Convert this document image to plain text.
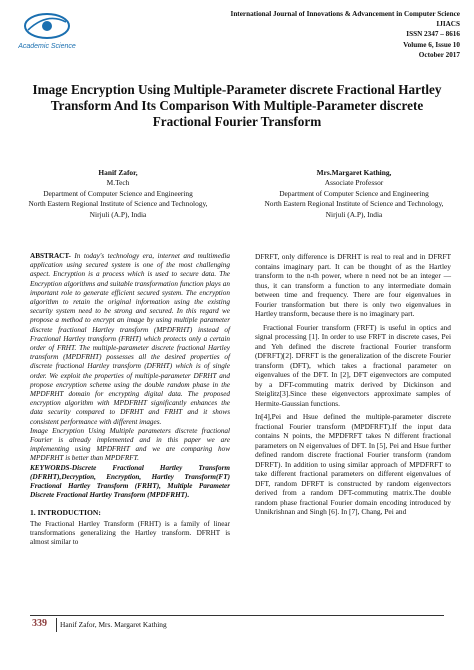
Academic Science
International Journal of Innovations & Advancement in Computer Science
IJIACS
ISSN 2347 – 8616
Volume 6, Issue 10
October 2017
Image Encryption Using Multiple-Parameter discrete Fractional Hartley Transform And Its Comparison With Multiple-Parameter discrete Fractional Fourier Transform
Hanif Zafor,
M.Tech
Department of Computer Science and Engineering
North Eastern Regional Institute of Science and Technology, Nirjuli (A.P), India
Mrs.Margaret Kathing,
Associate Professor
Department of Computer Science and Engineering
North Eastern Regional Institute of Science and Technology, Nirjuli (A.P), India

ABSTRACT- In today's technology era, internet and multimedia application using secured system is one of the most challenging aspect. Encryption is a process which is used to secure data. The Encryption algorithms and suitable transformation function plays an important role to generate efficient secured system. The encryption algorithm to retain the original information using the existing security system need to be strong and secured. In this regard we propose a method to encrypt an image by using multiple parameter discrete fractional Hartley transform (MPDFRHT) instead of Fractional Hartley transform (FRHT) which protects only a certain order of FRHT. The multiple-parameter discrete fractional Hartley transform (MPDFRHT) possesses all the desired properties of discrete fractional Hartley transform (DFRHT) which is of single order. We exploit the properties of multiple-parameter DFRHT and propose encryption scheme using the double random phase in the MPDFRHT domain for encrypting digital data. The proposed encryption algorithm with MPDFRHT significantly enhances the data security compared to DFRHT and FRHT and it shows consistent performance with different images.

Image Encryption Using Multiple parameters discrete fractional Fourier is already implemented and in this paper we are implementing using MPDFRHT and we are comparing how MPDFRHT is better than MPDFRFT.

KEYWORDS-Discrete Fractional Hartley Transform (DFRHT),Decryption, Encryption, Hartley Transform(FT) Fractional Hartley Transform (FRHT), Multiple Parameter Discrete Fractional Hartley Transform (MPDFRHT).

1. INTRODUCTION:

The Fractional Hartley Transform (FRHT) is a family of linear transformations generalizing the Hartley transform. DFRHT is almost similar to

DFRFT, only difference is DFRHT is real to real and in DFRFT contains imaginary part. It can be thought of as the Hartley transform to the n-th power, where n need not be an integer — thus, it can transform a function to any intermediate domain between time and frequency. There are four eigenvalues in Fourier transformation but there is only two eigenvalues in Hartley transform, because there is no imaginary part.

Fractional Fourier transform (FRFT) is useful in optics and signal processing [1]. In order to use FRFT in discrete cases, Pei and Yeh defined the discrete fractional Fourier transform (DFRFT)[2]. DFRFT is the generalization of the discrete Fourier transform (DFT), which takes a fractional parameter on eigenvalues of the DFT. In [2], DFT eigenvectors are computed by a DFT-commuting matrix derived by Dickinson and Steiglitz[3].Since these eigenvectors approximate samples of Hermite-Gaussian functions.

In[4],Pei and Hsue defined the multiple-parameter discrete fractional Fourier transform (MPDFRFT).If the input data contains N points, the MPDFRFT takes N different fractional parameters on N eigenvalues of DFT. In [5], Pei and Hsue further defined random discrete fractional Fourier transform (random DFRFT). In addition to using similar approach of MPDFRFT to take different fractional parameters on different eigenvalues of DFT, random DFRFT is constructed by random eigenvectors derived from a random DFT-commuting matrix.The double random phase fractional Fourier domain encoding introduced by Unnikrishnan and Singh [6]. In [7], Chang, Pei and

339	Hanif Zafor, Mrs. Margaret Kathing
